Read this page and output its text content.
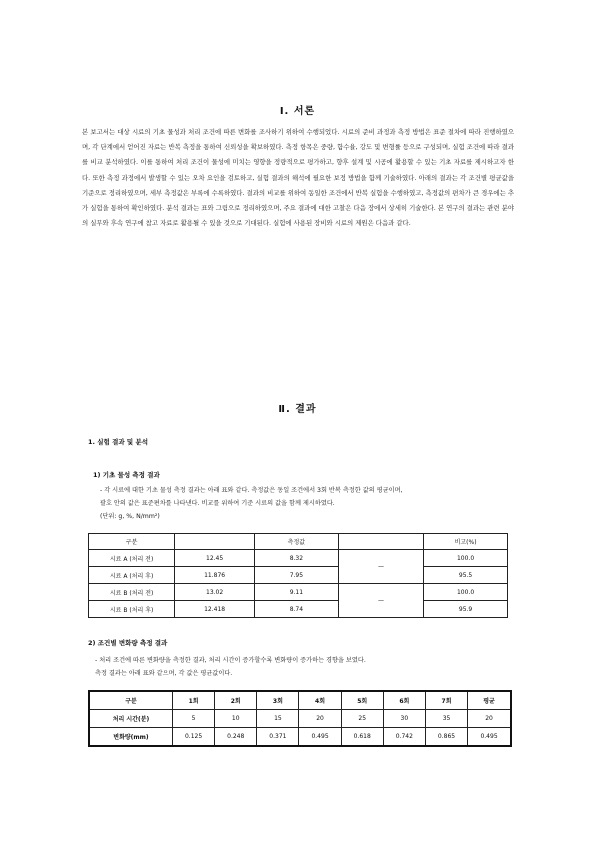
Ⅰ. 서론
본 보고서는 대상 시료의 기초 물성과 처리 조건에 따른 변화를 조사하기 위하여 수행되었다. 시료의 준비 과정과 측정 방법은 표준 절차에 따라 진행하였으며, 각 단계에서 얻어진 자료는 반복 측정을 통하여 신뢰성을 확보하였다. 측정 항목은 중량, 함수율, 강도 및 변형률 등으로 구성되며, 실험 조건에 따라 결과를 비교 분석하였다. 이를 통하여 처리 조건이 물성에 미치는 영향을 정량적으로 평가하고, 향후 설계 및 시공에 활용할 수 있는 기초 자료를 제시하고자 한다. 또한 측정 과정에서 발생할 수 있는 오차 요인을 검토하고, 실험 결과의 해석에 필요한 보정 방법을 함께 기술하였다. 아래의 결과는 각 조건별 평균값을 기준으로 정리하였으며, 세부 측정값은 부록에 수록하였다. 결과의 비교를 위하여 동일한 조건에서 반복 실험을 수행하였고, 측정값의 편차가 큰 경우에는 추가 실험을 통하여 확인하였다. 분석 결과는 표와 그림으로 정리하였으며, 주요 결과에 대한 고찰은 다음 장에서 상세히 기술한다. 본 연구의 결과는 관련 분야의 실무와 후속 연구에 참고 자료로 활용될 수 있을 것으로 기대된다. 실험에 사용된 장비와 시료의 제원은 다음과 같다.
Ⅱ. 결과
1. 실험 결과 및 분석
1) 기초 물성 측정 결과
- 각 시료에 대한 기초 물성 측정 결과는 아래 표와 같다. 측정값은 동일 조건에서 3회 반복 측정한 값의 평균이며,
괄호 안의 값은 표준편차를 나타낸다. 비교를 위하여 기준 시료의 값을 함께 제시하였다.
(단위: g, %, N/mm²)
구분		측정값		비고(%)
시료 A (처리 전)	12.45	8.32	—	100.0
시료 A (처리 후)	11.876	7.95		95.5
시료 B (처리 전)	13.02	9.11	—	100.0
시료 B (처리 후)	12.418	8.74		95.9
2) 조건별 변화량 측정 결과
- 처리 조건에 따른 변화량을 측정한 결과, 처리 시간이 증가할수록 변화량이 증가하는 경향을 보였다.
측정 결과는 아래 표와 같으며, 각 값은 평균값이다.
구분	1회	2회	3회	4회	5회	6회	7회	평균
처리 시간(분)	5	10	15	20	25	30	35	20
변화량(mm)	0.125	0.248	0.371	0.495	0.618	0.742	0.865	0.495
